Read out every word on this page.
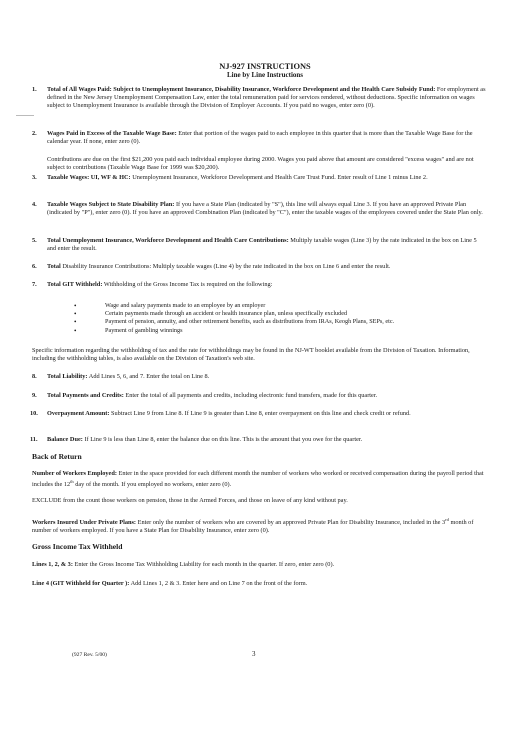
NJ-927 INSTRUCTIONS
Line by Line Instructions
1. Total of All Wages Paid: Subject to Unemployment Insurance, Disability Insurance, Workforce Development and the Health Care Subsidy Fund: For employment as defined in the New Jersey Unemployment Compensation Law, enter the total remuneration paid for services rendered, without deductions. Specific information on wages subject to Unemployment Insurance is available through the Division of Employer Accounts. If you paid no wages, enter zero (0).
2. Wages Paid in Excess of the Taxable Wage Base: Enter that portion of the wages paid to each employee in this quarter that is more than the Taxable Wage Base for the calendar year. If none, enter zero (0).
Contributions are due on the first $21,200 you paid each individual employee during 2000. Wages you paid above that amount are considered "excess wages" and are not subject to contributions (Taxable Wage Base for 1999 was $20,200).
3. Taxable Wages: UI, WF & HC: Unemployment Insurance, Workforce Development and Health Care Trust Fund. Enter result of Line 1 minus Line 2.
4. Taxable Wages Subject to State Disability Plan: If you have a State Plan (indicated by "S"), this line will always equal Line 3. If you have an approved Private Plan (indicated by "P"), enter zero (0). If you have an approved Combination Plan (indicated by "C"), enter the taxable wages of the employees covered under the State Plan only.
5. Total Unemployment Insurance, Workforce Development and Health Care Contributions: Multiply taxable wages (Line 3) by the rate indicated in the box on Line 5 and enter the result.
6. Total Disability Insurance Contributions: Multiply taxable wages (Line 4) by the rate indicated in the box on Line 6 and enter the result.
7. Total GIT Withheld: Withholding of the Gross Income Tax is required on the following:
• Wage and salary payments made to an employee by an employer
• Certain payments made through an accident or health insurance plan, unless specifically excluded
• Payment of pension, annuity, and other retirement benefits, such as distributions from IRAs, Keogh Plans, SEPs, etc.
• Payment of gambling winnings
Specific information regarding the withholding of tax and the rate for withholdings may be found in the NJ-WT booklet available from the Division of Taxation. Information, including the withholding tables, is also available on the Division of Taxation's web site.
8. Total Liability: Add Lines 5, 6, and 7. Enter the total on Line 8.
9. Total Payments and Credits: Enter the total of all payments and credits, including electronic fund transfers, made for this quarter.
10. Overpayment Amount: Subtract Line 9 from Line 8. If Line 9 is greater than Line 8, enter overpayment on this line and check credit or refund.
11. Balance Due: If Line 9 is less than Line 8, enter the balance due on this line. This is the amount that you owe for the quarter.
Back of Return
Number of Workers Employed: Enter in the space provided for each different month the number of workers who worked or received compensation during the payroll period that includes the 12th day of the month. If you employed no workers, enter zero (0).
EXCLUDE from the count those workers on pension, those in the Armed Forces, and those on leave of any kind without pay.
Workers Insured Under Private Plans: Enter only the number of workers who are covered by an approved Private Plan for Disability Insurance, included in the 3rd month of number of workers employed. If you have a State Plan for Disability Insurance, enter zero (0).
Gross Income Tax Withheld
Lines 1, 2, & 3: Enter the Gross Income Tax Withholding Liability for each month in the quarter. If zero, enter zero (0).
Line 4 (GIT Withheld for Quarter ): Add Lines 1, 2 & 3. Enter here and on Line 7 on the front of the form.
(927 Rev. 5/00)	3
